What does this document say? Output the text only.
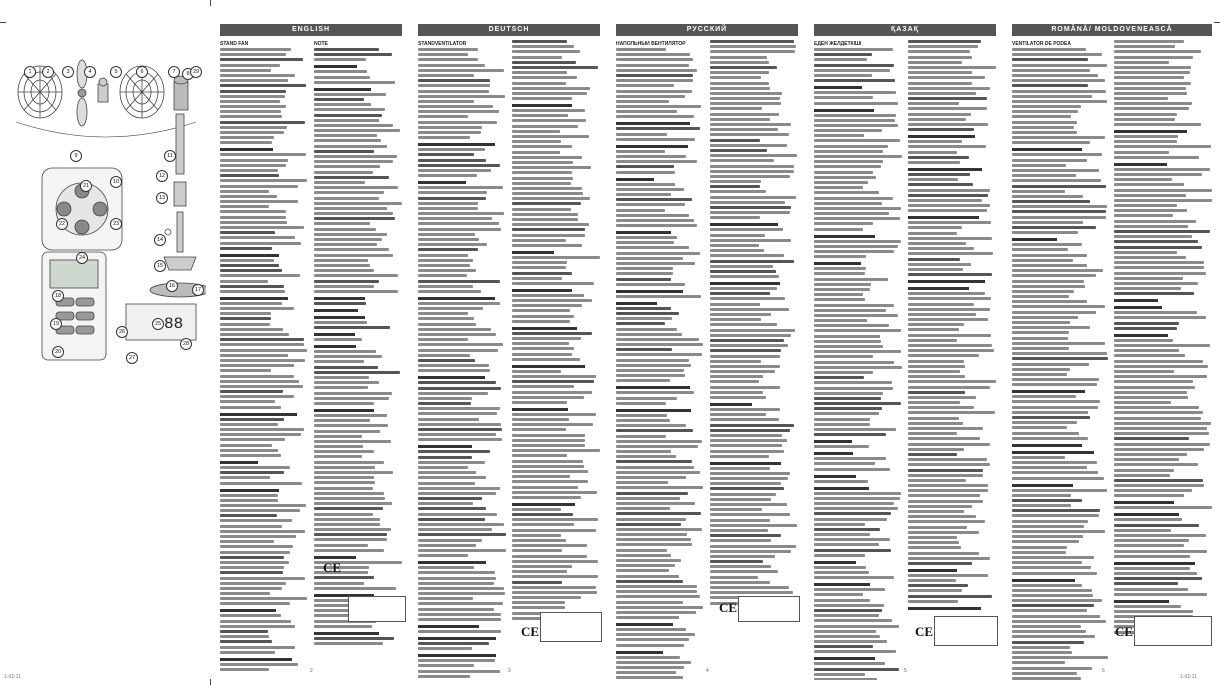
88
1	2	3	4	5	6	7	8
9
10
11
12
13
14
15
16
17
18
19
20
21
22	23
24
25
26
27
28
29
ENGLISH	DEUTSCH	РУССКИЙ	ҚАЗАҚ	ROMÂNĂ/ MOLDOVENEASCĂ
STAND FAN	NOTE	STANDVENTILATOR	НАПОЛЬНЫЙ ВЕНТИЛЯТОР	ЕДЕН ЖЕЛДЕТКІШІ	VENTILATOR DE PODEA
CE
CE
CE
CE	CE
2	3	4	5	6
1-02-11	1-02-11
